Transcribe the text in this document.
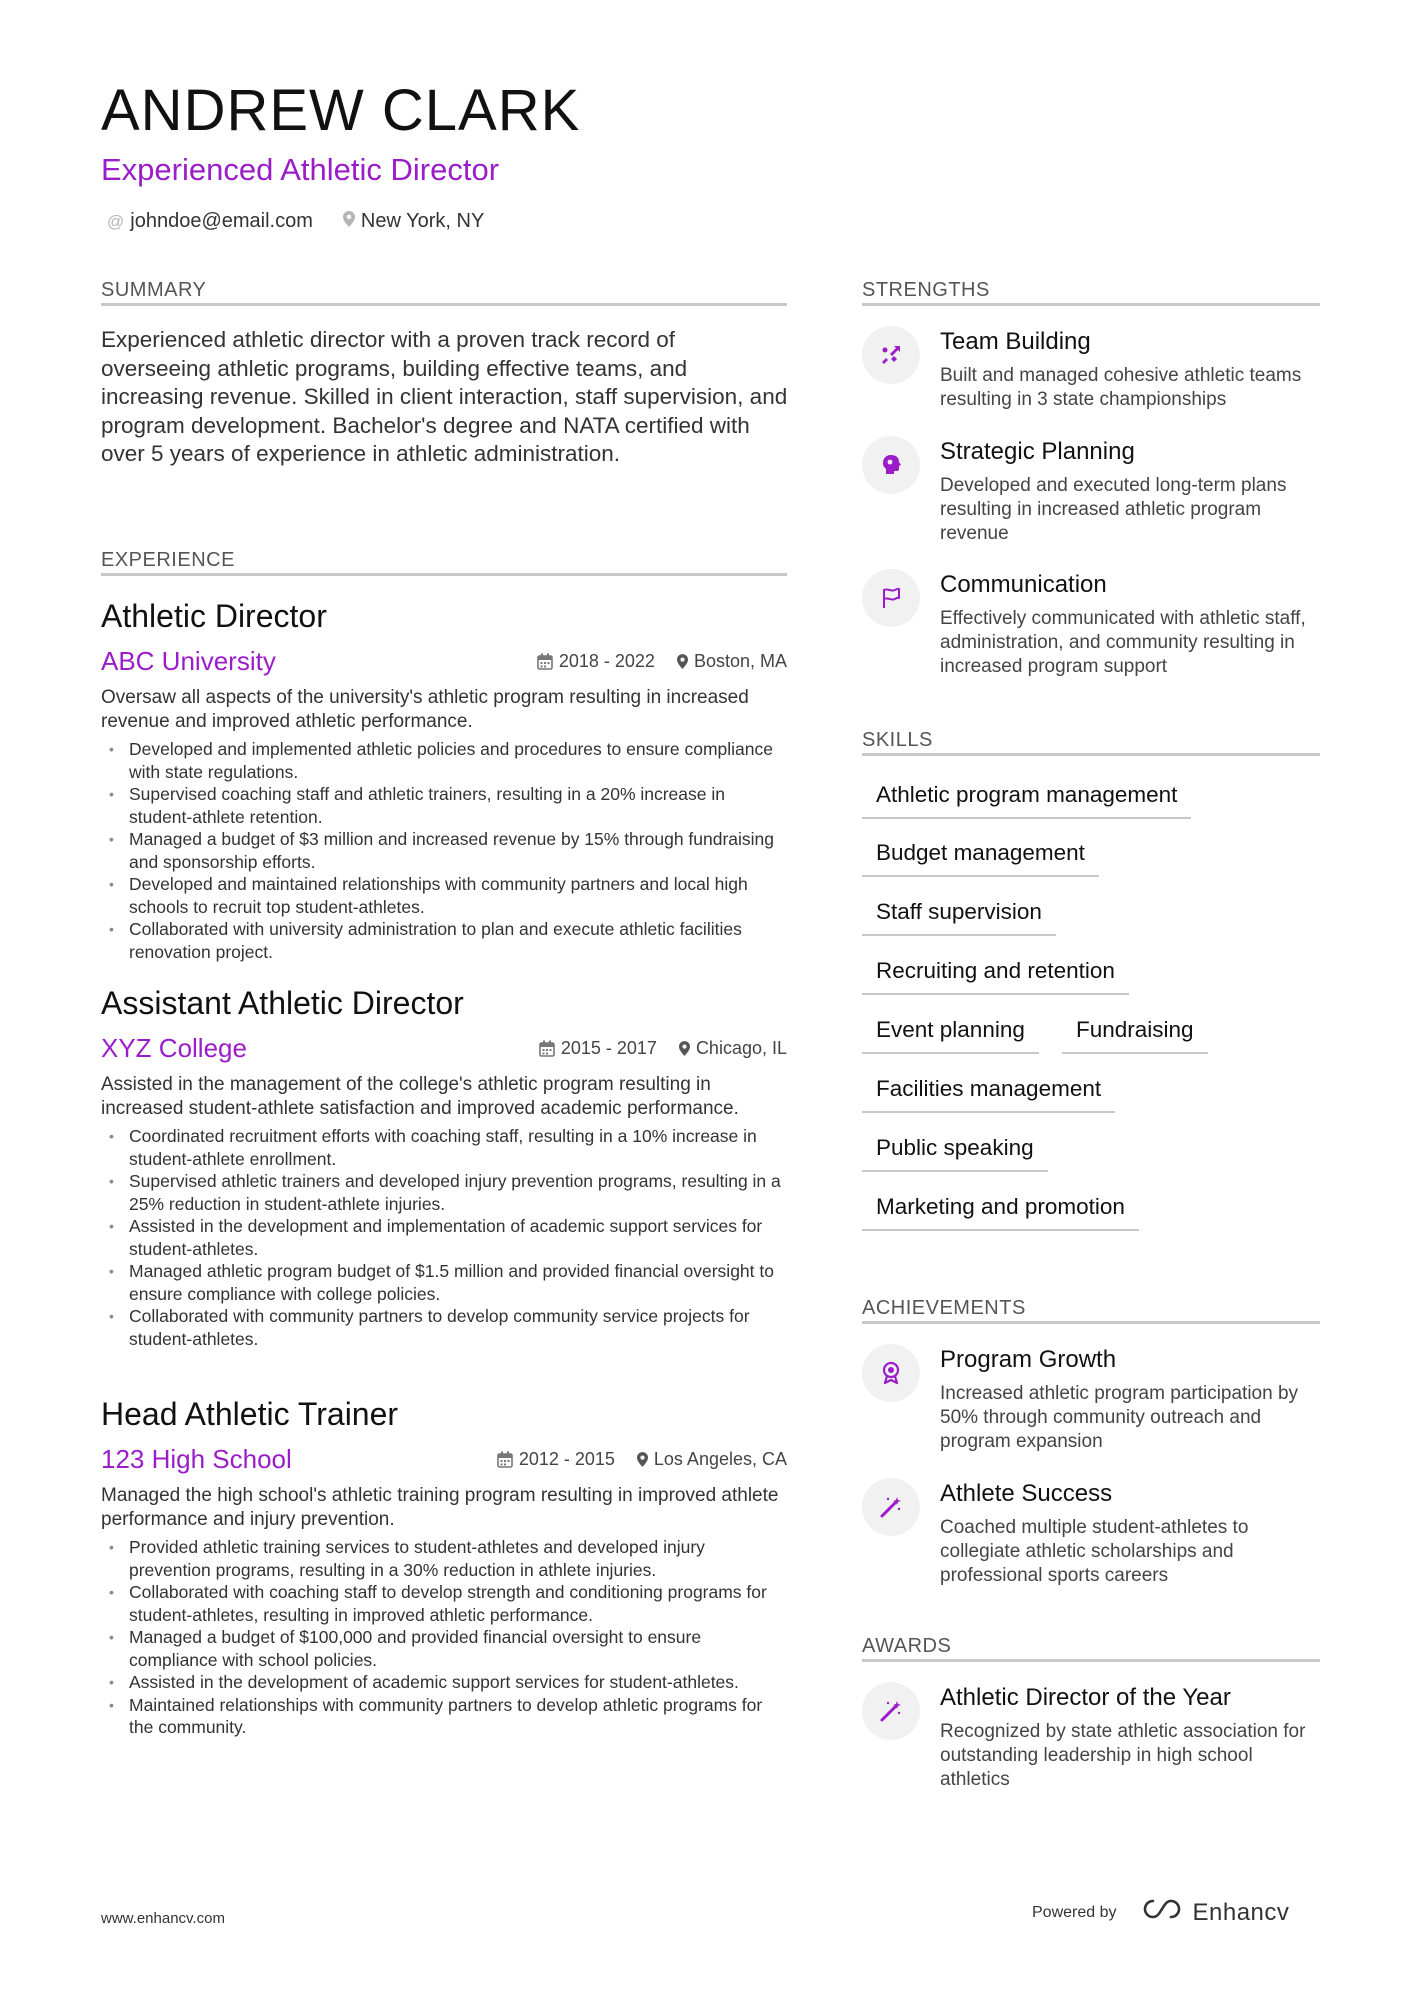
ANDREW CLARK
Experienced Athletic Director
@ johndoe@email.com New York, NY
SUMMARY
Experienced athletic director with a proven track record of overseeing athletic programs, building effective teams, and increasing revenue. Skilled in client interaction, staff supervision, and program development. Bachelor's degree and NATA certified with over 5 years of experience in athletic administration.
EXPERIENCE
Athletic Director
ABC University	2018 - 2022 Boston, MA
Oversaw all aspects of the university's athletic program resulting in increased revenue and improved athletic performance.
• Developed and implemented athletic policies and procedures to ensure compliance with state regulations.
• Supervised coaching staff and athletic trainers, resulting in a 20% increase in student-athlete retention.
• Managed a budget of $3 million and increased revenue by 15% through fundraising and sponsorship efforts.
• Developed and maintained relationships with community partners and local high schools to recruit top student-athletes.
• Collaborated with university administration to plan and execute athletic facilities renovation project.
Assistant Athletic Director
XYZ College	2015 - 2017 Chicago, IL
Assisted in the management of the college's athletic program resulting in increased student-athlete satisfaction and improved academic performance.
• Coordinated recruitment efforts with coaching staff, resulting in a 10% increase in student-athlete enrollment.
• Supervised athletic trainers and developed injury prevention programs, resulting in a 25% reduction in student-athlete injuries.
• Assisted in the development and implementation of academic support services for student-athletes.
• Managed athletic program budget of $1.5 million and provided financial oversight to ensure compliance with college policies.
• Collaborated with community partners to develop community service projects for student-athletes.
Head Athletic Trainer
123 High School	2012 - 2015 Los Angeles, CA
Managed the high school's athletic training program resulting in improved athlete performance and injury prevention.
• Provided athletic training services to student-athletes and developed injury prevention programs, resulting in a 30% reduction in athlete injuries.
• Collaborated with coaching staff to develop strength and conditioning programs for student-athletes, resulting in improved athletic performance.
• Managed a budget of $100,000 and provided financial oversight to ensure compliance with school policies.
• Assisted in the development of academic support services for student-athletes.
• Maintained relationships with community partners to develop athletic programs for the community.
STRENGTHS
Team Building
Built and managed cohesive athletic teams resulting in 3 state championships
Strategic Planning
Developed and executed long-term plans resulting in increased athletic program revenue
Communication
Effectively communicated with athletic staff, administration, and community resulting in increased program support
SKILLS
Athletic program management
Budget management
Staff supervision
Recruiting and retention
Event planning	Fundraising
Facilities management
Public speaking
Marketing and promotion
ACHIEVEMENTS
Program Growth
Increased athletic program participation by 50% through community outreach and program expansion
Athlete Success
Coached multiple student-athletes to collegiate athletic scholarships and professional sports careers
AWARDS
Athletic Director of the Year
Recognized by state athletic association for outstanding leadership in high school athletics
www.enhancv.com	Powered by	Enhancv
